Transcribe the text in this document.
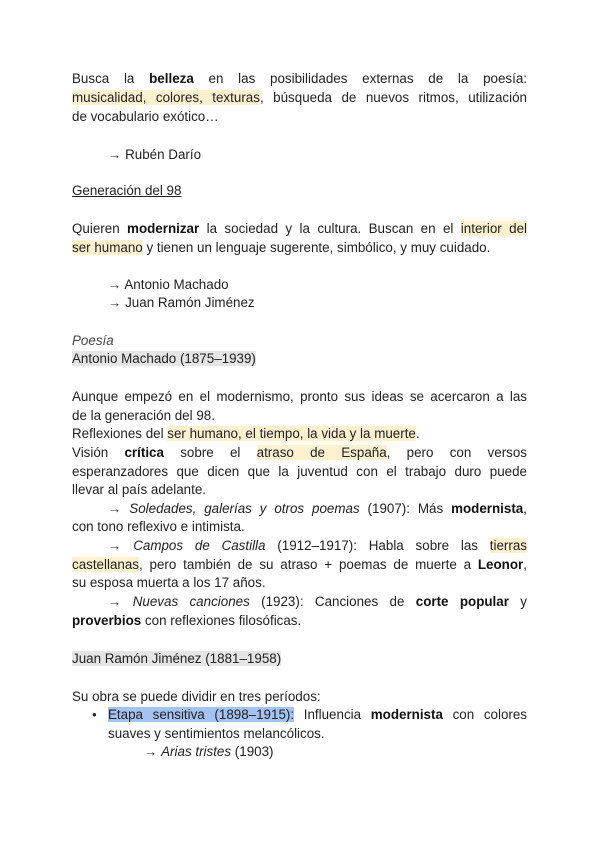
Busca la belleza en las posibilidades externas de la poesía:

musicalidad, colores, texturas, búsqueda de nuevos ritmos, utilización

de vocabulario exótico…

→ Rubén Darío

Generación del 98

Quieren modernizar la sociedad y la cultura. Buscan en el interior del

ser humano y tienen un lenguaje sugerente, simbólico, y muy cuidado.

→ Antonio Machado

→ Juan Ramón Jiménez

Poesía

Antonio Machado (1875–1939)

Aunque empezó en el modernismo, pronto sus ideas se acercaron a las

de la generación del 98.

Reflexiones del ser humano, el tiempo, la vida y la muerte.

Visión crítica sobre el atraso de España, pero con versos

esperanzadores que dicen que la juventud con el trabajo duro puede

llevar al país adelante.

→ Soledades, galerías y otros poemas (1907): Más modernista,

con tono reflexivo e intimista.

→ Campos de Castilla (1912–1917): Habla sobre las tierras

castellanas, pero también de su atraso + poemas de muerte a Leonor,

su esposa muerta a los 17 años.

→ Nuevas canciones (1923): Canciones de corte popular y

proverbios con reflexiones filosóficas.

Juan Ramón Jiménez (1881–1958)

Su obra se puede dividir en tres períodos:

● Etapa sensitiva (1898–1915): Influencia modernista con colores
suaves y sentimientos melancólicos.
→ Arias tristes (1903)
